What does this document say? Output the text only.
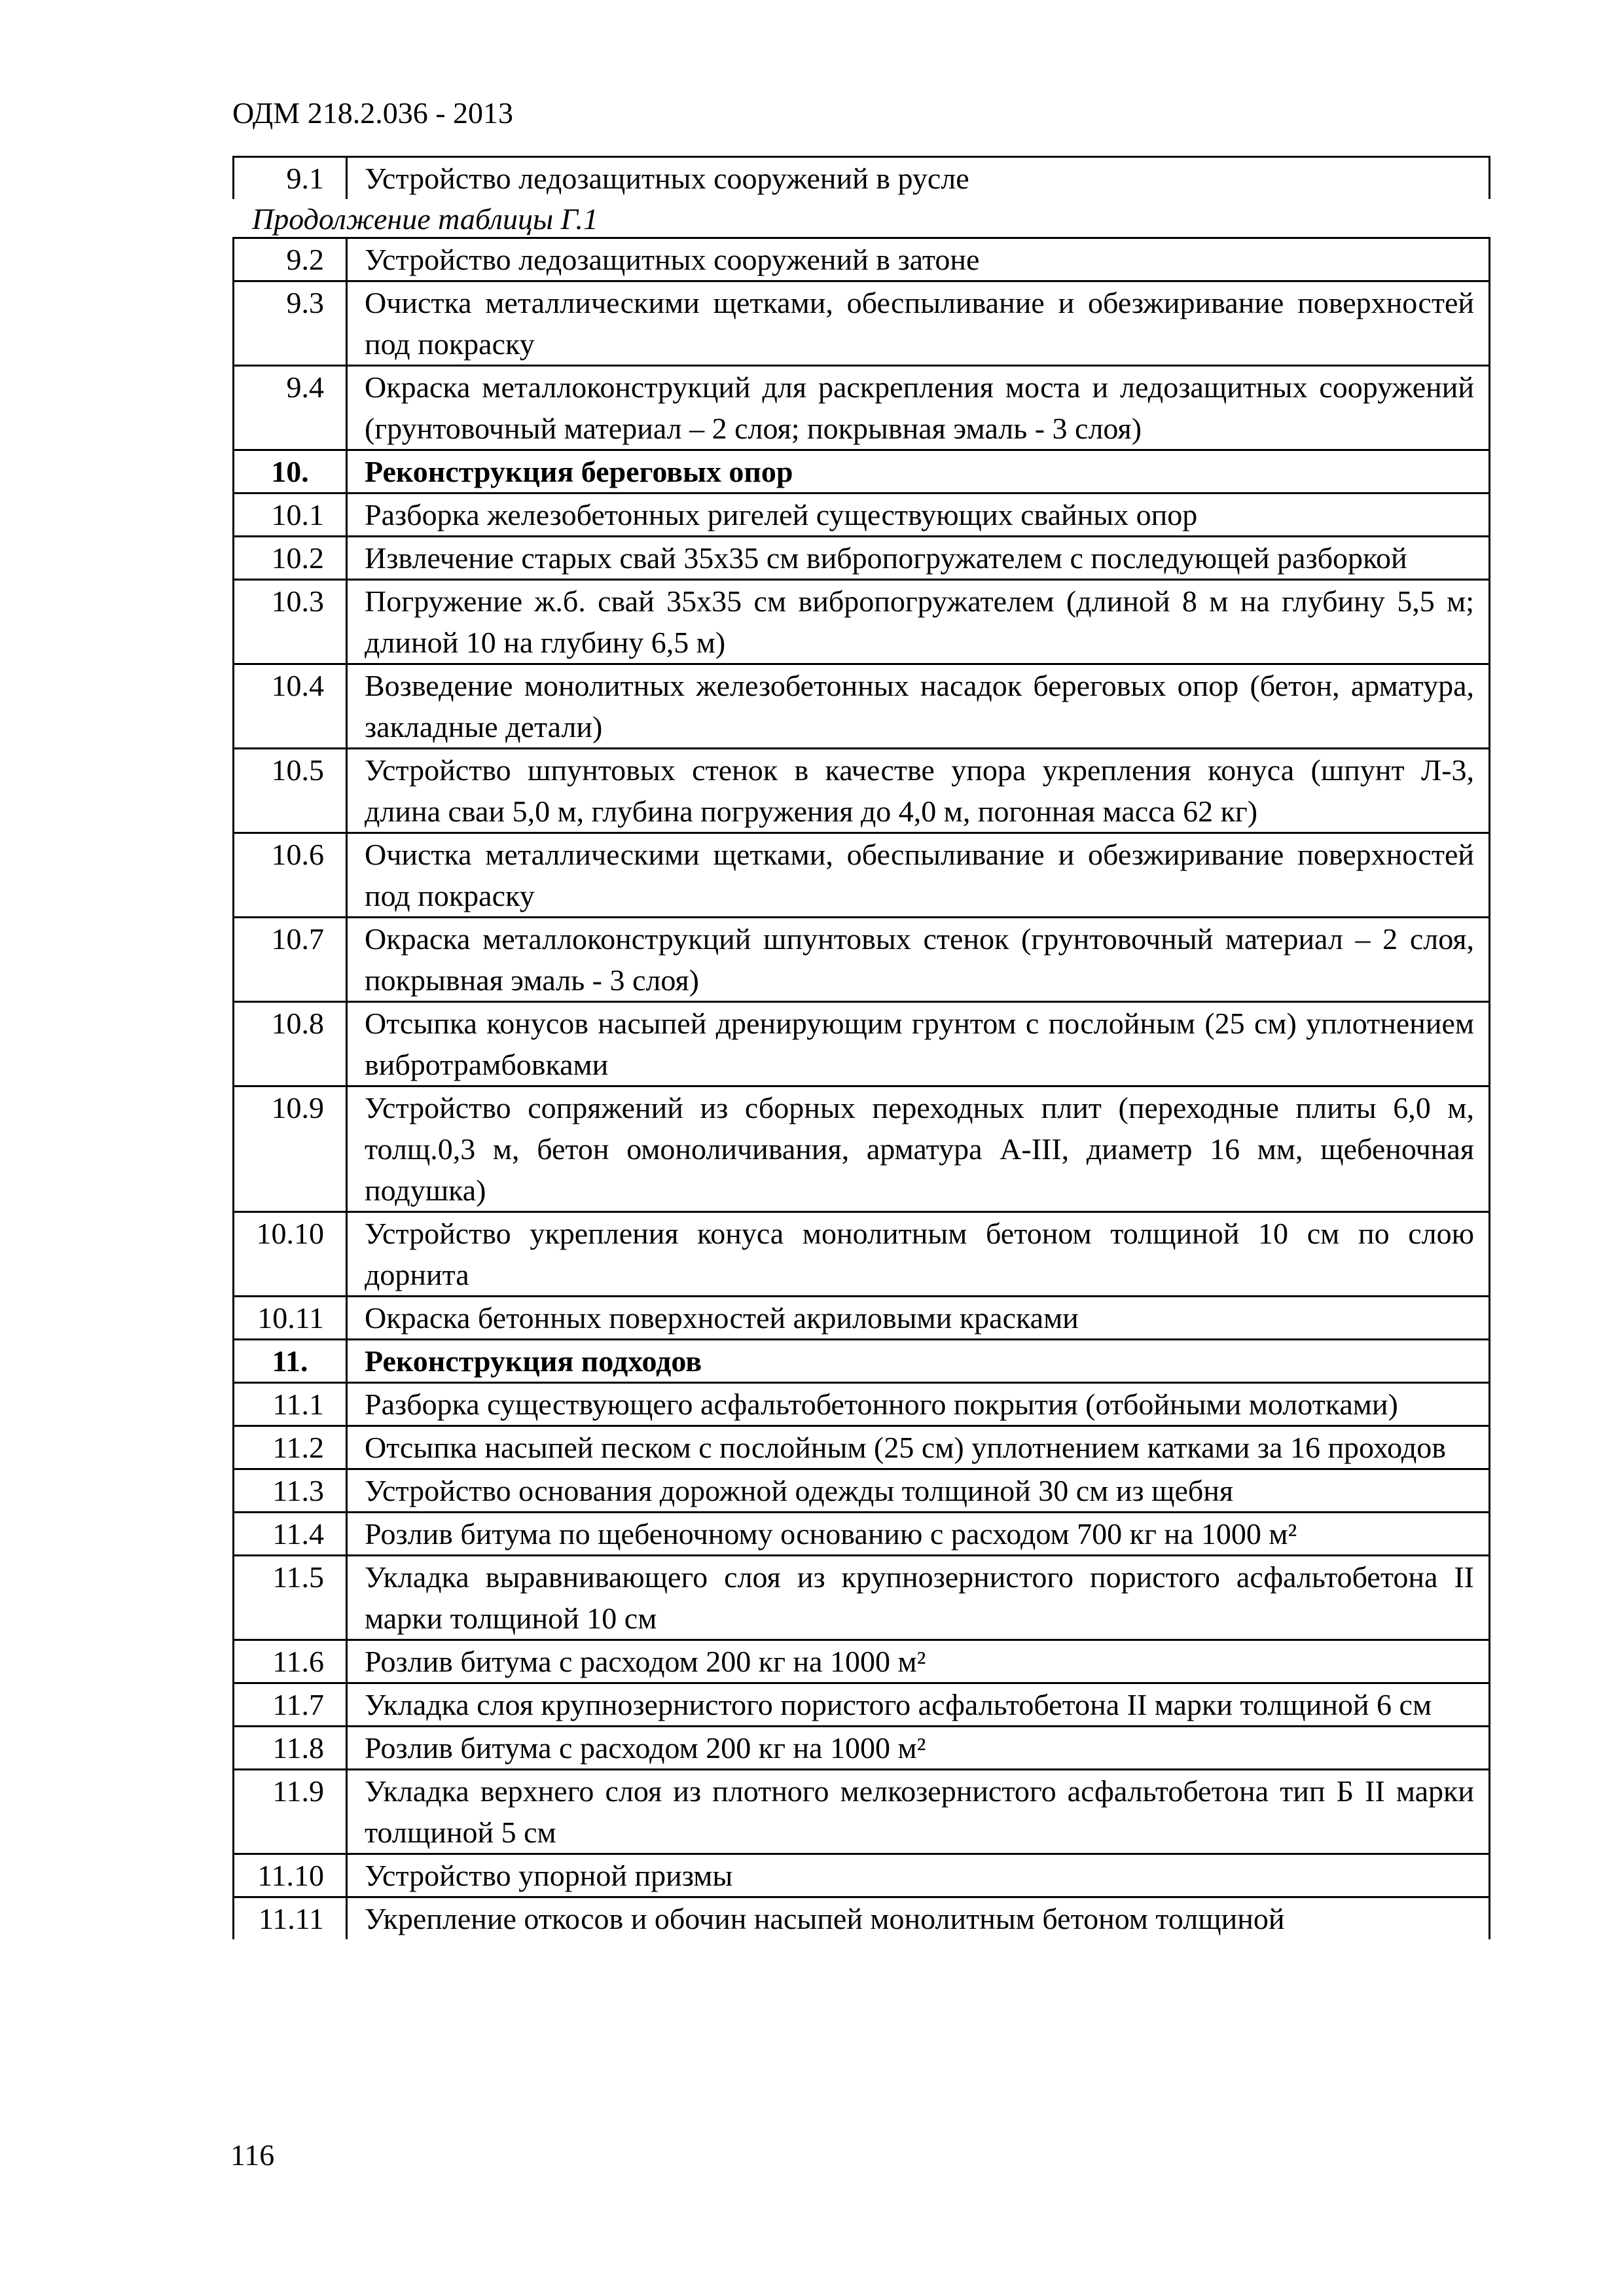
ОДМ 218.2.036 - 2013
9.1	Устройство ледозащитных сооружений в русле
Продолжение таблицы Г.1
9.2	Устройство ледозащитных сооружений в затоне
9.3	Очистка металлическими щетками, обеспыливание и обезжиривание поверхностей под покраску
9.4	Окраска металлоконструкций для раскрепления моста и ледозащитных сооружений (грунтовочный материал – 2 слоя; покрывная эмаль - 3 слоя)
10.	Реконструкция береговых опор
10.1	Разборка железобетонных ригелей существующих свайных опор
10.2	Извлечение старых свай 35х35 см вибропогружателем с последующей разборкой
10.3	Погружение ж.б. свай 35х35 см вибропогружателем (длиной 8 м на глубину 5,5 м; длиной 10 на глубину 6,5 м)
10.4	Возведение монолитных железобетонных насадок береговых опор (бетон, арматура, закладные детали)
10.5	Устройство шпунтовых стенок в качестве упора укрепления конуса (шпунт Л-3, длина сваи 5,0 м, глубина погружения до 4,0 м, погонная масса 62 кг)
10.6	Очистка металлическими щетками, обеспыливание и обезжиривание поверхностей под покраску
10.7	Окраска металлоконструкций шпунтовых стенок (грунтовочный материал – 2 слоя, покрывная эмаль - 3 слоя)
10.8	Отсыпка конусов насыпей дренирующим грунтом с послойным (25 см) уплотнением вибротрамбовками
10.9	Устройство сопряжений из сборных переходных плит (переходные плиты 6,0 м, толщ.0,3 м, бетон омоноличивания, арматура А-III, диаметр 16 мм, щебеночная подушка)
10.10	Устройство укрепления конуса монолитным бетоном толщиной 10 см по слою дорнита
10.11	Окраска бетонных поверхностей акриловыми красками
11.	Реконструкция подходов
11.1	Разборка существующего асфальтобетонного покрытия (отбойными молотками)
11.2	Отсыпка насыпей песком с послойным (25 см) уплотнением катками за 16 проходов
11.3	Устройство основания дорожной одежды толщиной 30 см из щебня
11.4	Розлив битума по щебеночному основанию с расходом 700 кг на 1000 м²
11.5	Укладка выравнивающего слоя из крупнозернистого пористого асфальтобетона II марки толщиной 10 см
11.6	Розлив битума с расходом 200 кг на 1000 м²
11.7	Укладка слоя крупнозернистого пористого асфальтобетона II марки толщиной 6 см
11.8	Розлив битума с расходом 200 кг на 1000 м²
11.9	Укладка верхнего слоя из плотного мелкозернистого асфальтобетона тип Б II марки толщиной 5 см
11.10	Устройство упорной призмы
11.11	Укрепление откосов и обочин насыпей монолитным бетоном толщиной
116
